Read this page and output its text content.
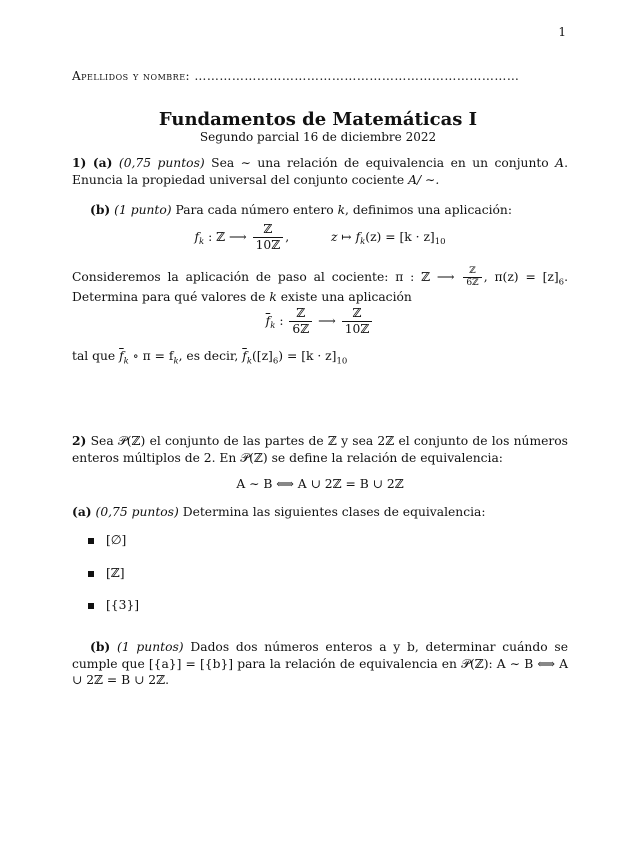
1
Apellidos y nombre: ……………………………………………………………………
Fundamentos de Matemáticas I
Segundo parcial 16 de diciembre 2022
1) (a) (0,75 puntos) Sea ∼ una relación de equivalencia en un conjunto A. Enuncia la propiedad universal del conjunto cociente A/ ∼.
(b) (1 punto) Para cada número entero k, definimos una aplicación:
$f_k$ : ℤ ⟶ $\frac{\text{ℤ}}{\text{10ℤ}}$ ,	z ↦ $f_k(z) = [k \cdot z]_{10}$
Consideremos la aplicación de paso al cociente: π : ℤ ⟶ $\frac{\text{ℤ}}{\text{6ℤ}}$ , $\pi(z) = [z]_6$. Determina para qué valores de k existe una aplicación
$\overline{f}_k$ : $\frac{\text{ℤ}}{\text{6ℤ}}$ ⟶ $\frac{\text{ℤ}}{\text{10ℤ}}$
tal que $\overline{f}_k$ ∘ $\pi = f_k$, es decir, $\overline{f}_k([z]_6) = [k \cdot z]_{10}$
2) Sea 𝒫(ℤ) el conjunto de las partes de ℤ y sea 2ℤ el conjunto de los números enteros múltiplos de 2. En 𝒫(ℤ) se define la relación de equivalencia:
A ∼ B ⟺ A ∪ 2ℤ = B ∪ 2ℤ
(a) (0,75 puntos) Determina las siguientes clases de equivalencia:
[∅]
[ℤ]
[{3}]
(b) (1 puntos) Dados dos números enteros a y b, determinar cuándo se cumple que [{a}] = [{b}] para la relación de equivalencia en 𝒫(ℤ): A ∼ B ⟺ A ∪ 2ℤ = B ∪ 2ℤ.
